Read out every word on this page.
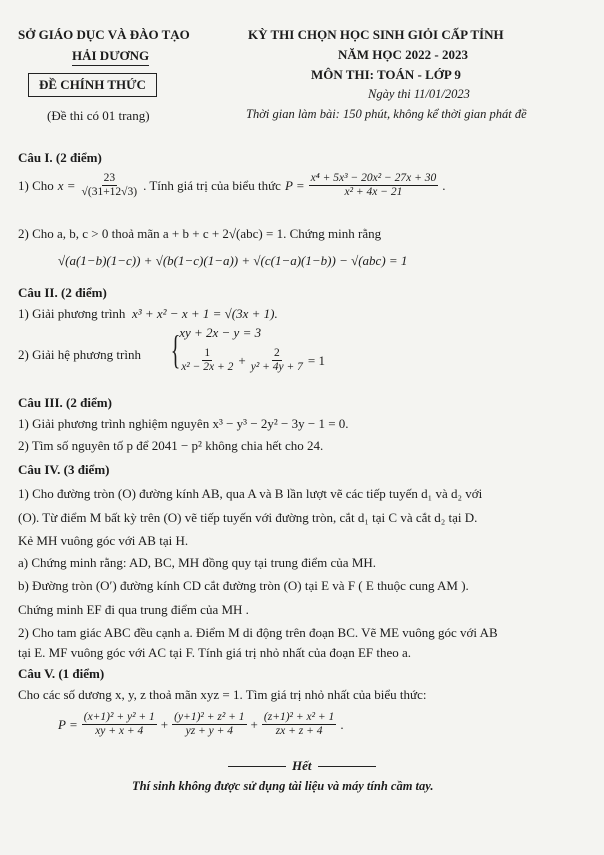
SỞ GIÁO DỤC VÀ ĐÀO TẠO
HẢI DƯƠNG
ĐỀ CHÍNH THỨC
(Đề thi có 01 trang)
KỲ THI CHỌN HỌC SINH GIỎI CẤP TỈNH
NĂM HỌC 2022 - 2023
MÔN THI: TOÁN - LỚP 9
Ngày thi 11/01/2023
Thời gian làm bài: 150 phút, không kể thời gian phát đề
Câu I. (2 điểm)
1) Cho $x = \frac{23}{√(31+12√3)}$ . Tính giá trị của biểu thức $P = \frac{\text{x⁴ + 5x³ − 20x² − 27x + 30}}{\text{x² + 4x − 21}}$ .
2) Cho a, b, c > 0 thoả mãn a + b + c + 2√(abc) = 1. Chứng minh rằng
√(a(1−b)(1−c)) + √(b(1−c)(1−a)) + √(c(1−a)(1−b)) − √(abc) = 1
Câu II. (2 điểm)
1) Giải phương trình x³ + x² − x + 1 = √(3x + 1).
2) Giải hệ phương trình {
xy + 2x − y = 3
$\frac{1}{\text{x² − 2x + 2}} + \frac{2}{\text{y² + 4y + 7}} = 1$
Câu III. (2 điểm)
1) Giải phương trình nghiệm nguyên x³ − y³ − 2y² − 3y − 1 = 0.
2) Tìm số nguyên tố p để 2041 − p² không chia hết cho 24.
Câu IV. (3 điểm)
1) Cho đường tròn (O) đường kính AB, qua A và B lần lượt vẽ các tiếp tuyến d₁ và d₂ với
(O). Từ điểm M bất kỳ trên (O) vẽ tiếp tuyến với đường tròn, cắt d₁ tại C và cắt d₂ tại D.
Kẻ MH vuông góc với AB tại H.
a) Chứng minh rằng: AD, BC, MH đồng quy tại trung điểm của MH.
b) Đường tròn (O′) đường kính CD cắt đường tròn (O) tại E và F ( E thuộc cung AM ).
Chứng minh EF đi qua trung điểm của MH .
2) Cho tam giác ABC đều cạnh a. Điểm M di động trên đoạn BC. Vẽ ME vuông góc với AB
tại E. MF vuông góc với AC tại F. Tính giá trị nhỏ nhất của đoạn EF theo a.
Câu V. (1 điểm)
Cho các số dương x, y, z thoả mãn xyz = 1. Tìm giá trị nhỏ nhất của biểu thức:
$P = \frac{\text{(x+1)² + y² + 1}}{xy + x + 4} + \frac{\text{(y+1)² + z² + 1}}{yz + y + 4} + \frac{\text{(z+1)² + x² + 1}}{zx + z + 4}$ .
Hết
Thí sinh không được sử dụng tài liệu và máy tính cầm tay.
